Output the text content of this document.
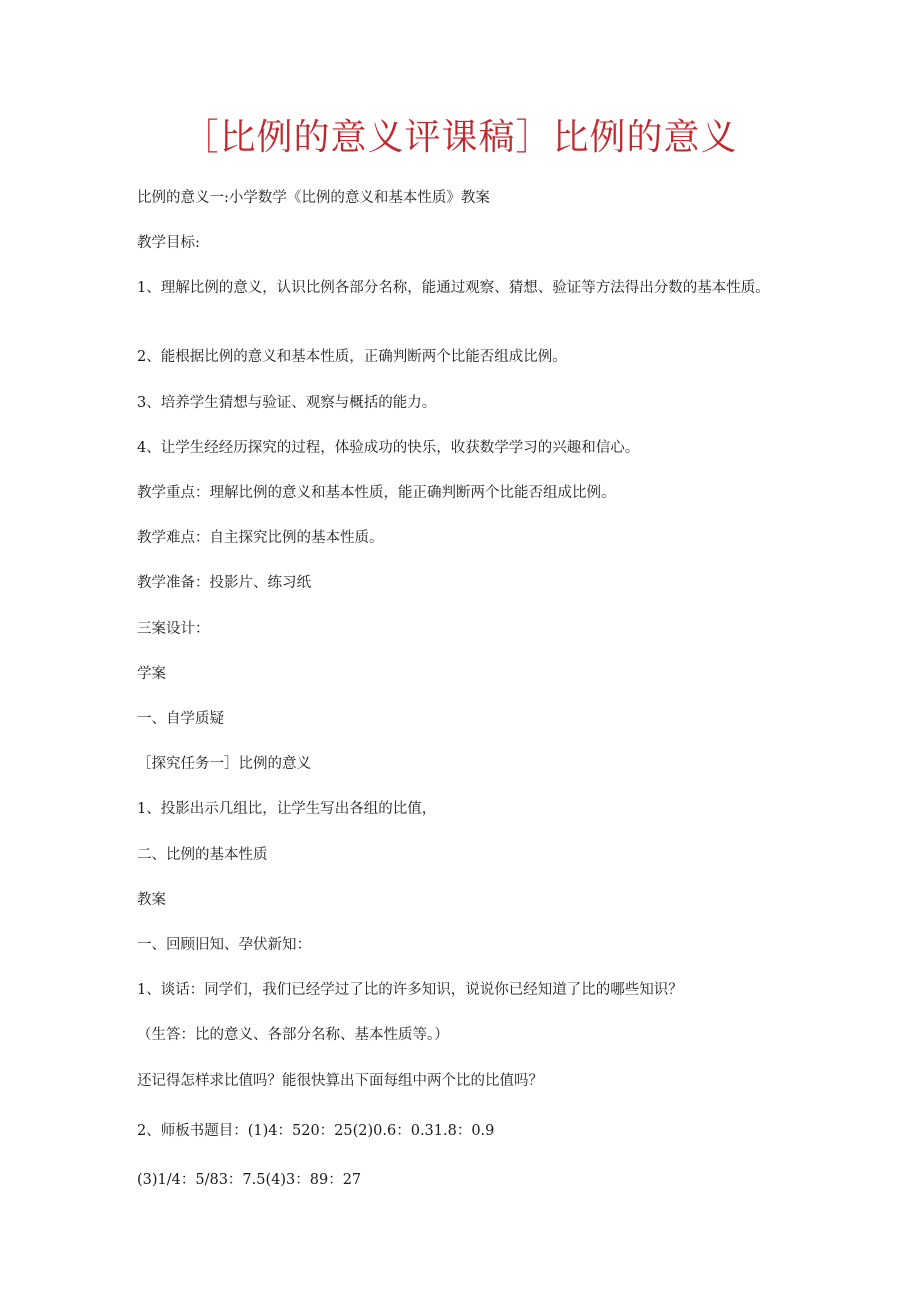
［比例的意义评课稿］比例的意义
比例的意义一:小学数学《比例的意义和基本性质》教案
教学目标:
1、理解比例的意义，认识比例各部分名称，能通过观察、猜想、验证等方法得出分数的基本性质。
2、能根据比例的意义和基本性质，正确判断两个比能否组成比例。
3、培养学生猜想与验证、观察与概括的能力。
4、让学生经经历探究的过程，体验成功的快乐，收获数学学习的兴趣和信心。
教学重点：理解比例的意义和基本性质，能正确判断两个比能否组成比例。
教学难点：自主探究比例的基本性质。
教学准备：投影片、练习纸
三案设计：
学案
一、自学质疑
［探究任务一］比例的意义
1、投影出示几组比，让学生写出各组的比值，
二、比例的基本性质
教案
一、回顾旧知、孕伏新知：
1、谈话：同学们，我们已经学过了比的许多知识，说说你已经知道了比的哪些知识？
（生答：比的意义、各部分名称、基本性质等。）
还记得怎样求比值吗？能很快算出下面每组中两个比的比值吗？
2、师板书题目：(1)4：520：25(2)0.6：0.31.8：0.9
(3)1/4：5/83：7.5(4)3：89：27
